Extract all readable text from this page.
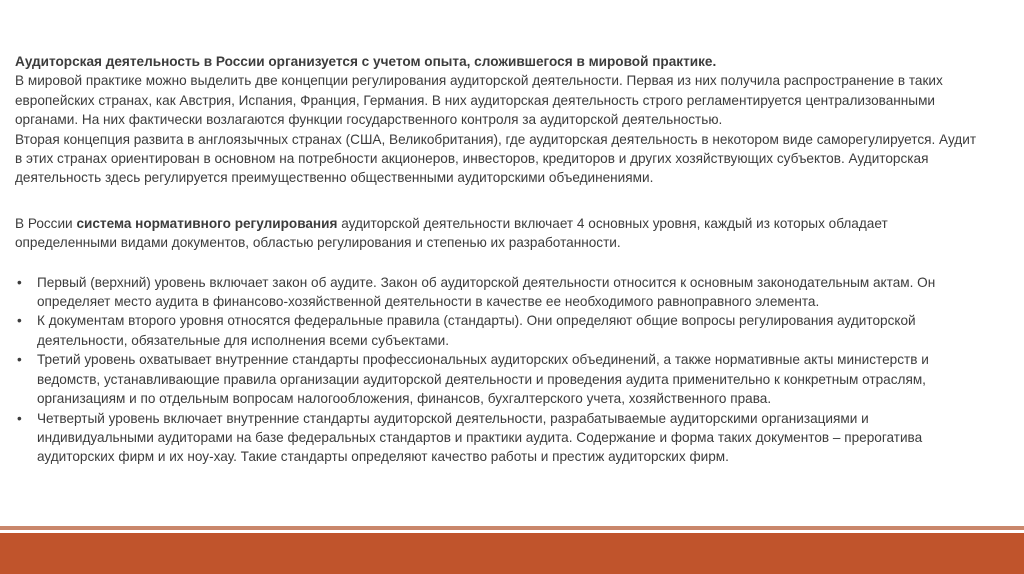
Аудиторская деятельность в России организуется с учетом опыта, сложившегося в мировой практике.
В мировой практике можно выделить две концепции регулирования аудиторской деятельности. Первая из них получила распространение в таких
европейских странах, как Австрия, Испания, Франция, Германия. В них аудиторская деятельность строго регламентируется централизованными
органами. На них фактически возлагаются функции государственного контроля за аудиторской деятельностью.
Вторая концепция развита в англоязычных странах (США, Великобритания), где аудиторская деятельность в некотором виде саморегулируется. Аудит
в этих странах ориентирован в основном на потребности акционеров, инвесторов, кредиторов и других хозяйствующих субъектов. Аудиторская
деятельность здесь регулируется преимущественно общественными аудиторскими объединениями.
В России система нормативного регулирования аудиторской деятельности включает 4 основных уровня, каждый из которых обладает
определенными видами документов, областью регулирования и степенью их разработанности.
• Первый (верхний) уровень включает закон об аудите. Закон об аудиторской деятельности относится к основным законодательным актам. Он
определяет место аудита в финансово-хозяйственной деятельности в качестве ее необходимого равноправного элемента.
• К документам второго уровня относятся федеральные правила (стандарты). Они определяют общие вопросы регулирования аудиторской
деятельности, обязательные для исполнения всеми субъектами.
• Третий уровень охватывает внутренние стандарты профессиональных аудиторских объединений, а также нормативные акты министерств и
ведомств, устанавливающие правила организации аудиторской деятельности и проведения аудита применительно к конкретным отраслям,
организациям и по отдельным вопросам налогообложения, финансов, бухгалтерского учета, хозяйственного права.
• Четвертый уровень включает внутренние стандарты аудиторской деятельности, разрабатываемые аудиторскими организациями и
индивидуальными аудиторами на базе федеральных стандартов и практики аудита. Содержание и форма таких документов – прерогатива
аудиторских фирм и их ноу-хау. Такие стандарты определяют качество работы и престиж аудиторских фирм.
